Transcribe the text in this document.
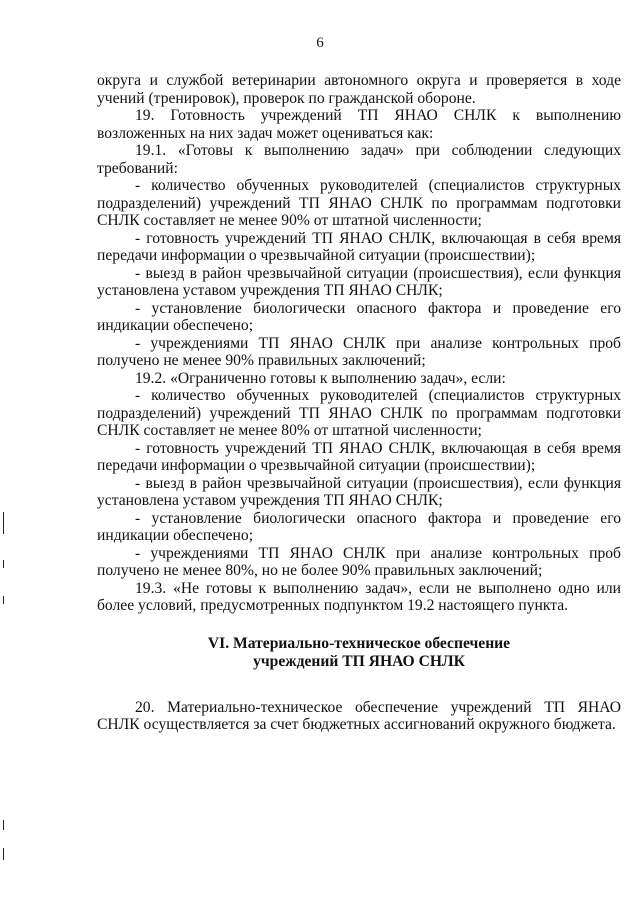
6

округа и службой ветеринарии автономного округа и проверяется в ходе учений (тренировок), проверок по гражданской обороне.

19. Готовность учреждений ТП ЯНАО СНЛК к выполнению возложенных на них задач может оцениваться как:

19.1. «Готовы к выполнению задач» при соблюдении следующих требований:

- количество обученных руководителей (специалистов структурных подразделений) учреждений ТП ЯНАО СНЛК по программам подготовки СНЛК составляет не менее 90% от штатной численности;

- готовность учреждений ТП ЯНАО СНЛК, включающая в себя время передачи информации о чрезвычайной ситуации (происшествии);

- выезд в район чрезвычайной ситуации (происшествия), если функция установлена уставом учреждения ТП ЯНАО СНЛК;

- установление биологически опасного фактора и проведение его индикации обеспечено;

- учреждениями ТП ЯНАО СНЛК при анализе контрольных проб получено не менее 90% правильных заключений;

19.2. «Ограниченно готовы к выполнению задач», если:

- количество обученных руководителей (специалистов структурных подразделений) учреждений ТП ЯНАО СНЛК по программам подготовки СНЛК составляет не менее 80% от штатной численности;

- готовность учреждений ТП ЯНАО СНЛК, включающая в себя время передачи информации о чрезвычайной ситуации (происшествии);

- выезд в район чрезвычайной ситуации (происшествия), если функция установлена уставом учреждения ТП ЯНАО СНЛК;

- установление биологически опасного фактора и проведение его индикации обеспечено;

- учреждениями ТП ЯНАО СНЛК при анализе контрольных проб получено не менее 80%, но не более 90% правильных заключений;

19.3. «Не готовы к выполнению задач», если не выполнено одно или более условий, предусмотренных подпунктом 19.2 настоящего пункта.

VI. Материально-техническое обеспечение

учреждений ТП ЯНАО СНЛК

20. Материально-техническое обеспечение учреждений ТП ЯНАО СНЛК осуществляется за счет бюджетных ассигнований окружного бюджета.
